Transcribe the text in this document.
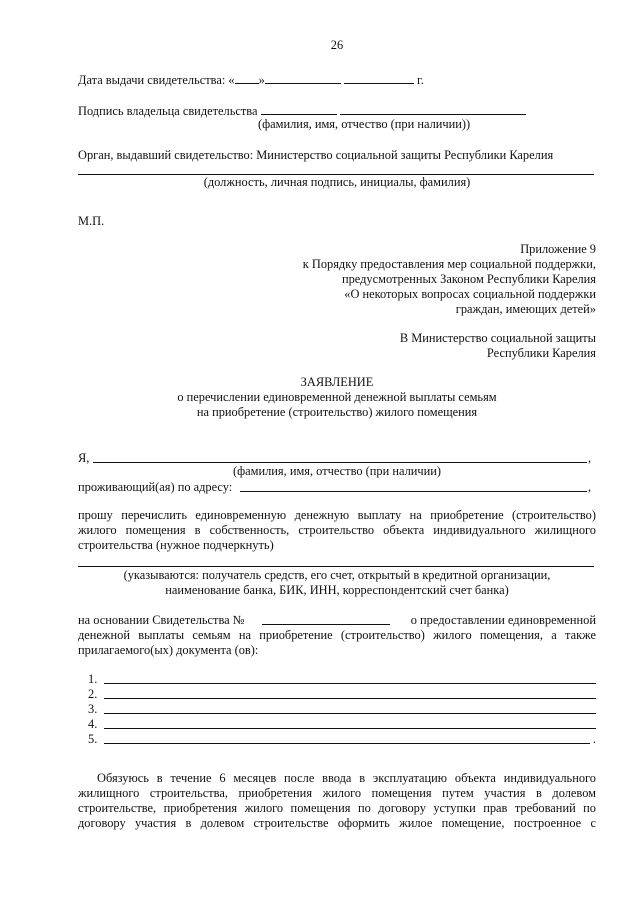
26
Дата выдачи свидетельства: « »	г.
Подпись владельца свидетельства
(фамилия, имя, отчество (при наличии))
Орган, выдавший свидетельство: Министерство социальной защиты Республики Карелия
(должность, личная подпись, инициалы, фамилия)
М.П.
Приложение 9
к Порядку предоставления мер социальной поддержки,
предусмотренных Законом Республики Карелия
«О некоторых вопросах социальной поддержки
граждан, имеющих детей»
В Министерство социальной защиты
Республики Карелия
ЗАЯВЛЕНИЕ
о перечислении единовременной денежной выплаты семьям
на приобретение (строительство) жилого помещения
Я,	,
(фамилия, имя, отчество (при наличии)
проживающий(ая) по адресу:	,
прошу перечислить единовременную денежную выплату на приобретение (строительство)
жилого помещения в собственность, строительство объекта индивидуального жилищного
строительства (нужное подчеркнуть)
(указываются: получатель средств, его счет, открытый в кредитной организации,
наименование банка, БИК, ИНН, корреспондентский счет банка)
на основании Свидетельства №	о предоставлении единовременной
денежной выплаты семьям на приобретение (строительство) жилого помещения, а также
прилагаемого(ых) документа (ов):
1.
2.
3.
4.
5.	.
Обязуюсь в течение 6 месяцев после ввода в эксплуатацию объекта индивидуального
жилищного строительства, приобретения жилого помещения путем участия в долевом
строительстве, приобретения жилого помещения по договору уступки прав требований по
договору участия в долевом строительстве оформить жилое помещение, построенное с
